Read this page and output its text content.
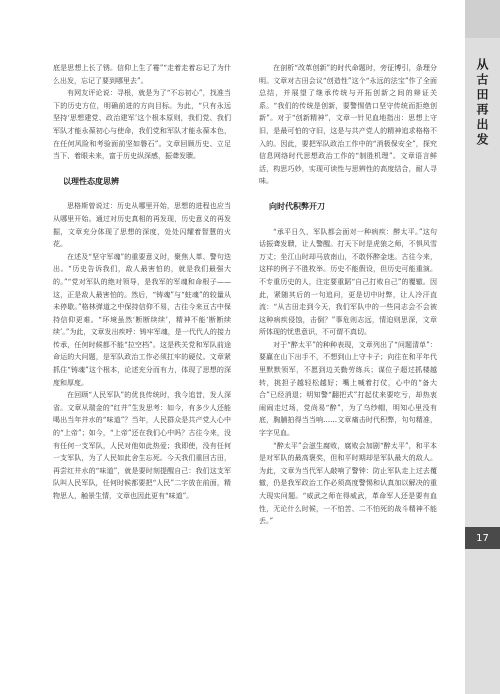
底是思想上长了锈。信仰上生了霉”“走着走着忘记了为什么出发，忘记了要到哪里去”。

有网友评论说：寻根，就是为了“不忘初心”，找准当下的历史方位，明确前进的方向目标。为此，“只有永远坚持‘思想建党、政治建军’这个根本原则，我们党、我们军队才能永葆初心与使命，我们党和军队才能永葆本色，在任何风险和考验面前坚如磐石”。文章回顾历史、立足当下、着眼未来，富于历史纵深感，振聋发聩。

以理性态度思辨

思格斯曾说过：历史从哪里开始，思想的进程也应当从哪里开始。通过对历史真相的再发现，历史意义的再发掘，文章充分体现了思想的深度，处处闪耀着智慧的火花。

在述及“坚守军魂”的重要意义时，聚焦人革、警句迭出。“历史告诉我们，敌人最害怕的，就是我们最强大的。”“党对军队的绝对领导，是我军的军魂和命根子——这，正是敌人最害怕的。然后，“铸魂”与“蛀魂”的较量从未停歇。”格林弹道之中保持信仰不易，古往今来亘古中保持信仰更难。“环境虽然‘断断续续’，精神不能‘断断续续’。”为此，文章发出疾呼：铸牢军魂，是一代代人的接力传承，任何时候都不能“拉空档”。这是秩关党和军队前途命运的大问题，是军队政治工作必须扛牢的硬仗。文章紧抓住“铸魂”这个根本，论述充分而有力，体现了思想的深度和厚度。

在回顾“人民军队”的优良传统时，我今追昔，发人深省。文章从瑞金的“红井”生发思考：如今，有多少人还能喝出当年井水的“味道”？当年，人民群众是共产党人心中的“上帝”；如今，“上帝”还在我们心中吗？古往今来，没有任何一支军队，人民对他如此热爱；我即使，没有任何一支军队，为了人民如此舍生忘死。今天我们重回古田，再尝红井水的“味道”，就是要时刻提醒自己：我们这支军队叫人民军队，任何时候都要把“人民”二字放在前面，精物思人，触景生情，文章也因此更有“味道”。

在剖析“改革创新”的时代命题时，旁征博引，条理分明。文章对古田会议“创造性”这个“永远的法宝”作了全面总结，并展望了继承传统与开拓创新之间的辩证关系。“我们的传统是创新，要警惕借口坚守传统而拒绝创新”。对于“创新精神”，文章一针见血地指出：思想上守旧，是最可怕的守旧，这是与共产党人的精神追求格格不入的。因此，要把军队政治工作中的“消极保安全”，探究信息网络时代思想政治工作的“制胜机理”。文章语言鲜活，构思巧妙，实现可读性与思辨性的高度结合，耐人寻味。

向时代积弊开刀

“承平日久，军队都会面对一种病疾：醉太平。”这句话振聋发聩，让人警醒。打天下时是虎狼之师，不惧风雪万丈；坐江山时却马放南山，不敢怀醉金迷。古往今来，这样的例子不胜枚举。历史不能假设，但历史可能重演。不专重历史的人，注定要重蹈“自己打败自己”的覆辙。因此，紧随其后的一句追问，更是切中时弊，让人冷汗直流：“从古田走到今天，我们军队中的一些同志会不会被这种病疾侵蚀，击倒？”事危则志远，情迫则思深，文章所体现的忧患意识，不可谓不真切。

对于“醉太平”的种种表现，文章列出了“问题清单”：要赢在山下出手不，不想到山上守卡子；向往在和平年代里默默领军，不愿到边关勤劳练兵；谋位子超过抓楼越转，挑担子越轻松越好；嘴上喊着打仗，心中的“备大合”已经消退；明知警“翻把式”打起仗来要吃亏，却热衷闹闹走过场，党尚易“醉”，为了乌纱帽，明知心里没有底，胸脯拍得当当响……文章痛击时代积弊，句句精准，字字见血。

“醉太平”会滋生腐败，腐败会加剧“醉太平”，和平本是对军队的最高褒奖，但和平时期却是军队最大的敌人。为此，文章为当代军人敲响了警钟：防止军队走上过去覆辙，仍是我军政治工作必须高度警惕和认真加以解决的重大现实问题。“威武之师在得威武，革命军人还是要有血性，无论什么时候，一不怕苦、二不怕死的战斗精神不能丢。”

从古田再出发
17
